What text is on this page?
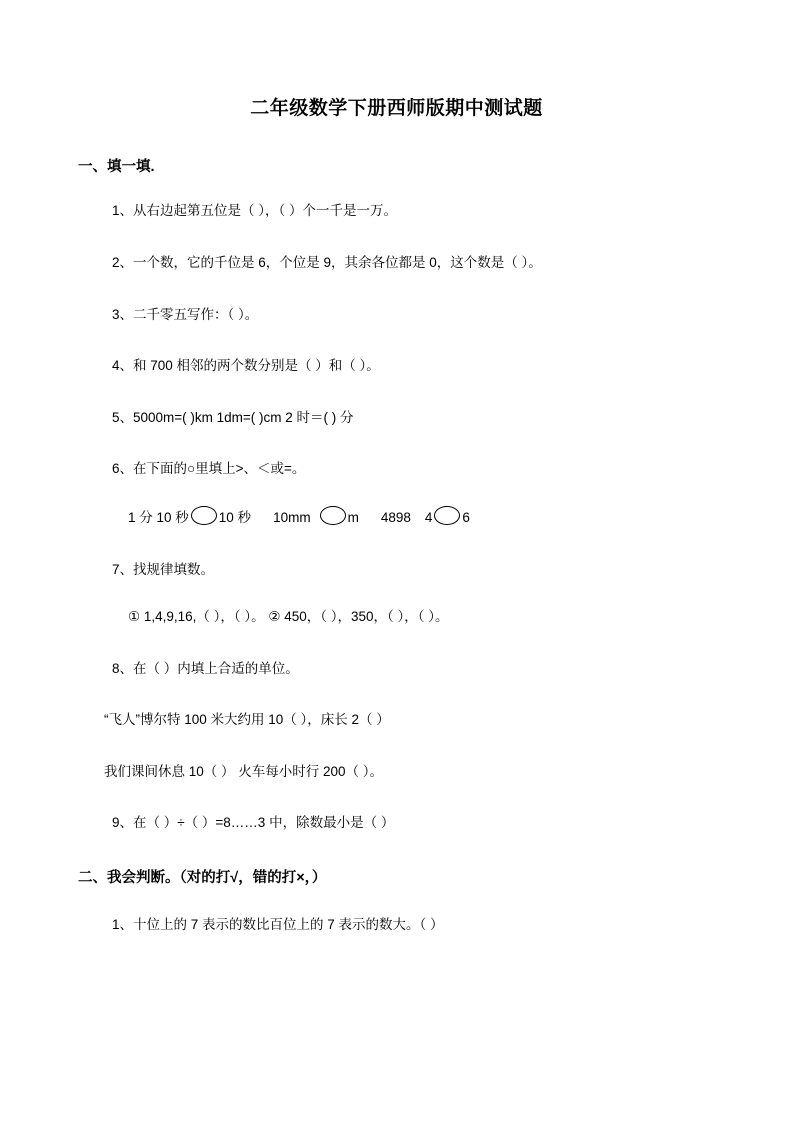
二年级数学下册西师版期中测试题
一、填一填.

1、从右边起第五位是（ ），（ ）个一千是一万。

2、一个数，它的千位是 6，个位是 9，其余各位都是 0，这个数是（ ）。

3、二千零五写作：（ ）。

4、和 700 相邻的两个数分别是（ ）和（ ）。

5、5000m=( )km 1dm=( )cm 2 时＝( ) 分

6、在下面的○里填上>、＜或=。

1 分 10 秒 10 秒 10mm	m 4898 4 6

7、找规律填数。

① 1,4,9,16,（ ），（ ）。 ② 450，（ ），350，（ ），（ ）。

8、在（ ）内填上合适的单位。

“飞人”博尔特 100 米大约用 10（ ），床长 2（ ）

我们课间休息 10（ ） 火车每小时行 200（ ）。

9、在（ ）÷（ ）=8……3 中，除数最小是（ ）

二、我会判断。（对的打√，错的打×，）

1、十位上的 7 表示的数比百位上的 7 表示的数大。（ ）
